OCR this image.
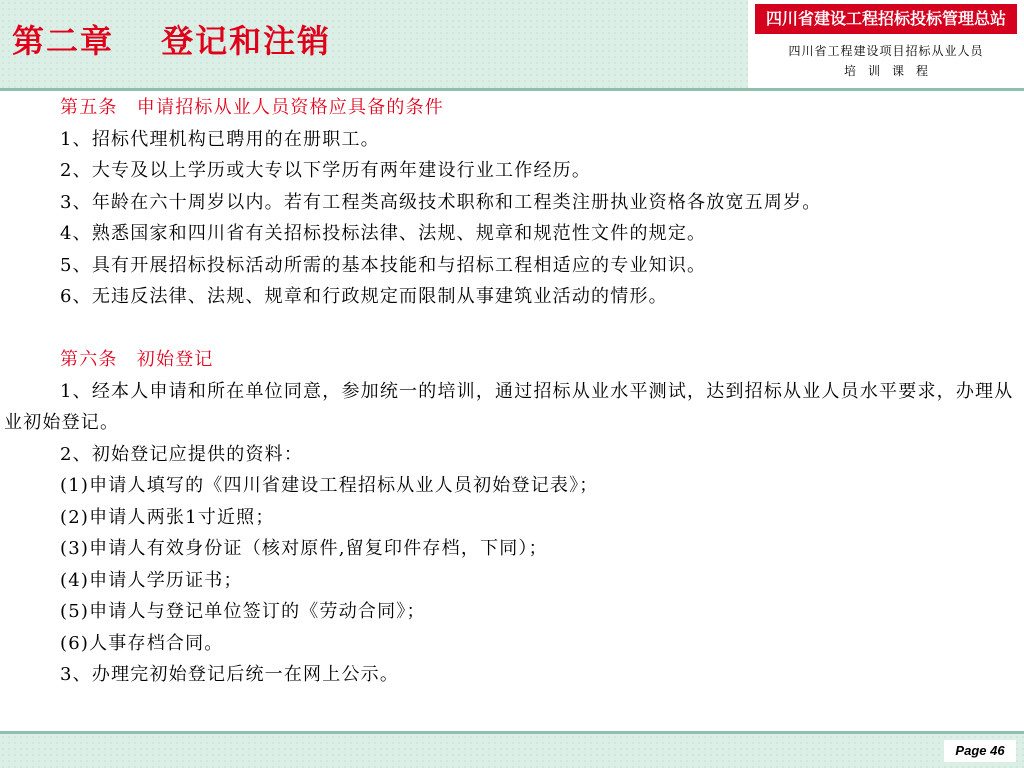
第二章　 登记和注销
四川省建设工程招标投标管理总站
四川省工程建设项目招标从业人员
培训课程

第五条　申请招标从业人员资格应具备的条件

1、招标代理机构已聘用的在册职工。

2、大专及以上学历或大专以下学历有两年建设行业工作经历。

3、年龄在六十周岁以内。若有工程类高级技术职称和工程类注册执业资格各放宽五周岁。

4、熟悉国家和四川省有关招标投标法律、法规、规章和规范性文件的规定。

5、具有开展招标投标活动所需的基本技能和与招标工程相适应的专业知识。

6、无违反法律、法规、规章和行政规定而限制从事建筑业活动的情形。

第六条　初始登记

1、经本人申请和所在单位同意，参加统一的培训，通过招标从业水平测试，达到招标从业人员水平要求，办理从业初始登记。

2、初始登记应提供的资料：

(1)申请人填写的《四川省建设工程招标从业人员初始登记表》；

(2)申请人两张1寸近照；

(3)申请人有效身份证（核对原件,留复印件存档，下同）；

(4)申请人学历证书；

(5)申请人与登记单位签订的《劳动合同》；

(6)人事存档合同。

3、办理完初始登记后统一在网上公示。

Page 46
